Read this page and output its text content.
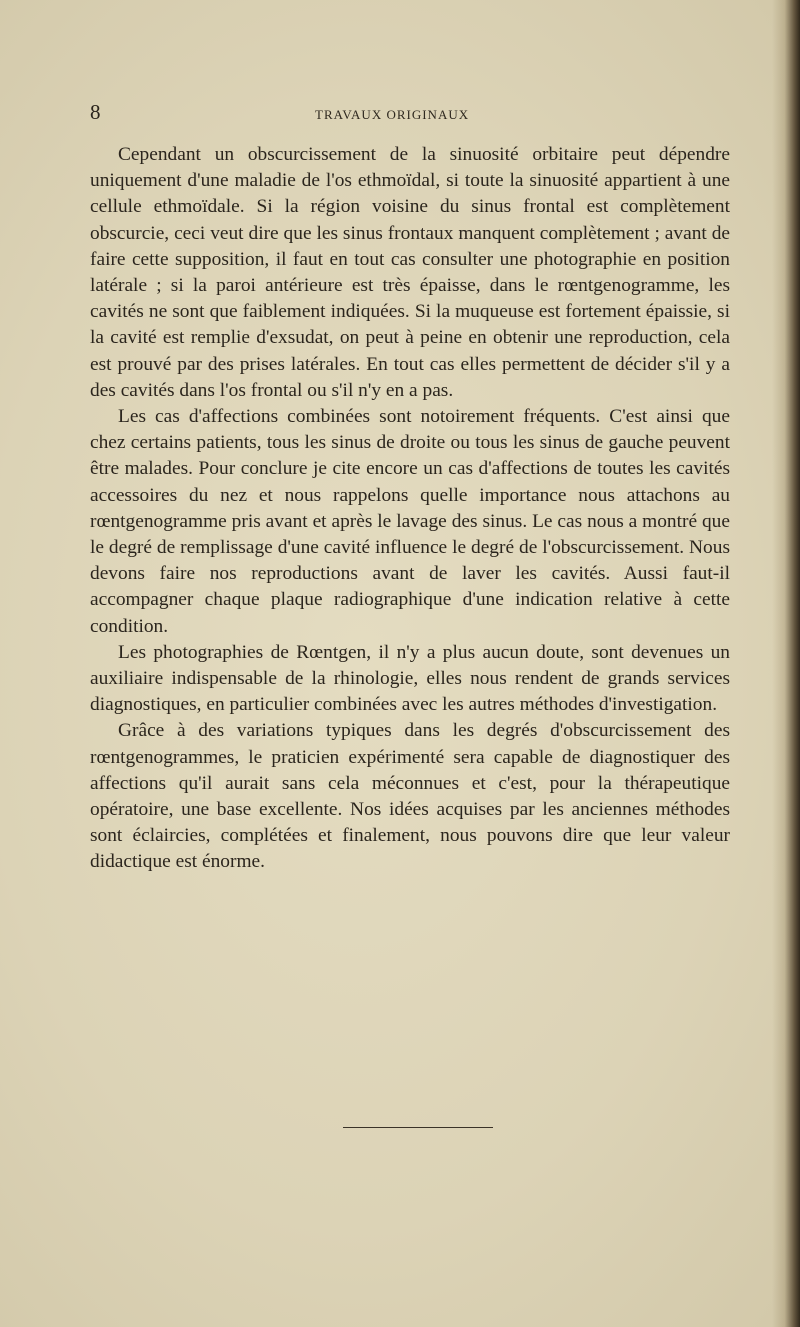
8	TRAVAUX ORIGINAUX

Cependant un obscurcissement de la sinuosité orbitaire peut dépendre uniquement d'une maladie de l'os ethmoïdal, si toute la sinuosité appartient à une cellule ethmoïdale. Si la région voisine du sinus frontal est complètement obscurcie, ceci veut dire que les sinus frontaux manquent complètement ; avant de faire cette supposition, il faut en tout cas consulter une photographie en position latérale ; si la paroi antérieure est très épaisse, dans le rœntgenogramme, les cavités ne sont que faiblement indiquées. Si la muqueuse est fortement épaissie, si la cavité est remplie d'exsudat, on peut à peine en obtenir une reproduction, cela est prouvé par des prises latérales. En tout cas elles permettent de décider s'il y a des cavités dans l'os frontal ou s'il n'y en a pas.

Les cas d'affections combinées sont notoirement fréquents. C'est ainsi que chez certains patients, tous les sinus de droite ou tous les sinus de gauche peuvent être malades. Pour conclure je cite encore un cas d'affections de toutes les cavités accessoires du nez et nous rappelons quelle importance nous attachons au rœntgenogramme pris avant et après le lavage des sinus. Le cas nous a montré que le degré de remplissage d'une cavité influence le degré de l'obscurcissement. Nous devons faire nos reproductions avant de laver les cavités. Aussi faut-il accompagner chaque plaque radiographique d'une indication relative à cette condition.

Les photographies de Rœntgen, il n'y a plus aucun doute, sont devenues un auxiliaire indispensable de la rhinologie, elles nous rendent de grands services diagnostiques, en particulier combinées avec les autres méthodes d'investigation.

Grâce à des variations typiques dans les degrés d'obscurcissement des rœntgenogrammes, le praticien expérimenté sera capable de diagnostiquer des affections qu'il aurait sans cela méconnues et c'est, pour la thérapeutique opératoire, une base excellente. Nos idées acquises par les anciennes méthodes sont éclaircies, complétées et finalement, nous pouvons dire que leur valeur didactique est énorme.
